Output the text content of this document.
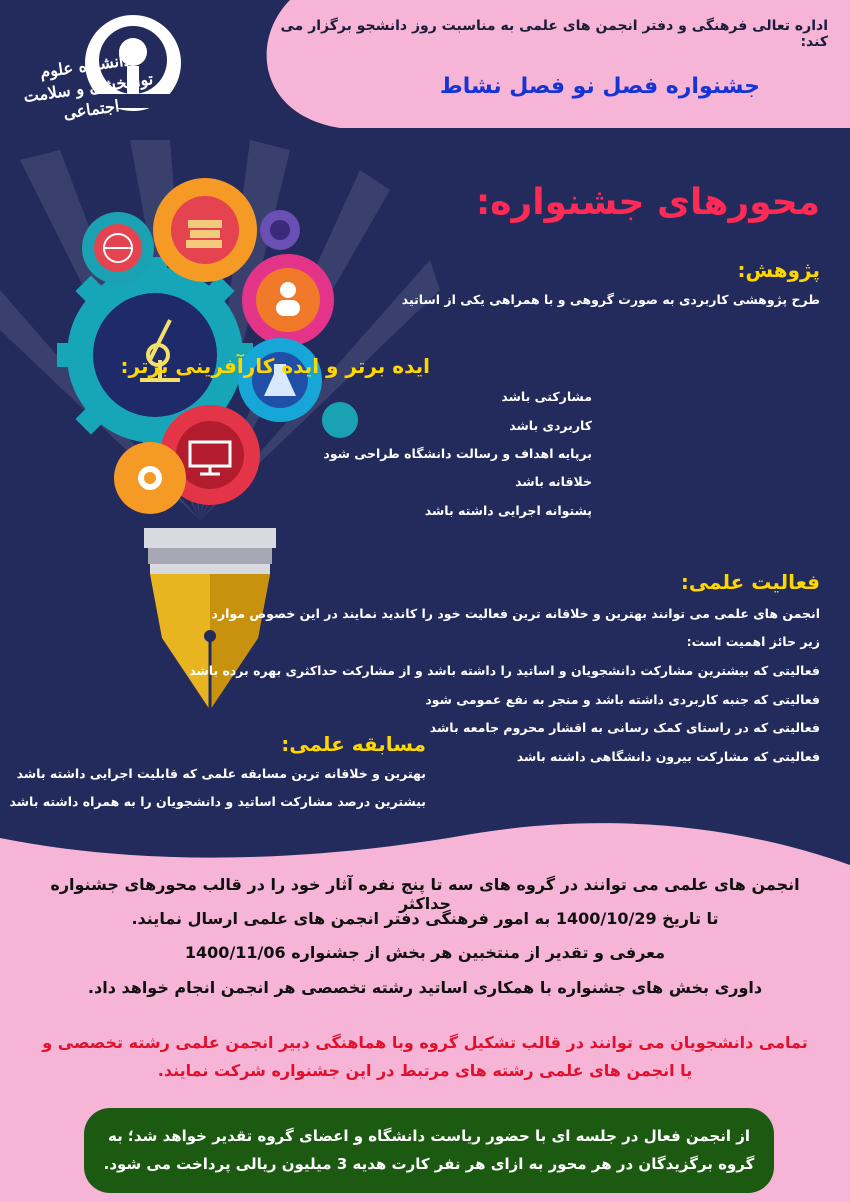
دانشگاه علوم توانبخشی و سلامت اجتماعی
اداره تعالی فرهنگی و دفتر انجمن های علمی به مناسبت روز دانشجو برگزار می کند:
جشنواره فصل نو فصل نشاط
محورهای جشنواره:
پژوهش:
طرح پژوهشی کاربردی به صورت گروهی و با همراهی یکی از اساتید
ایده برتر و ایده کارآفرینی برتر:
مشارکتی باشد
کاربردی باشد
برپایه اهداف و رسالت دانشگاه طراحی شود
خلاقانه باشد
پشتوانه اجرایی داشته باشد
فعالیت علمی:
انجمن های علمی می توانند بهترین و خلاقانه ترین فعالیت خود را کاندید نمایند در این خصوص موارد
زیر حائز اهمیت است:
فعالیتی که بیشترین مشارکت دانشجویان و اساتید را داشته باشد و از مشارکت حداکثری بهره برده باشد
فعالیتی که جنبه کاربردی داشته باشد و منجر به نفع عمومی شود
فعالیتی که در راستای کمک رسانی به اقشار محروم جامعه باشد
فعالیتی که مشارکت بیرون دانشگاهی داشته باشد
مسابقه علمی:
بهترین و خلاقانه ترین مسابقه علمی که قابلیت اجرایی داشته باشد
بیشترین درصد مشارکت اساتید و دانشجویان را به همراه داشته باشد
انجمن های علمی می توانند در گروه های سه تا پنج نفره آثار خود را در قالب محورهای جشنواره حداکثر
تا تاریخ 1400/10/29 به امور فرهنگی دفتر انجمن های علمی ارسال نمایند.
معرفی و تقدیر از منتخبین هر بخش از جشنواره 1400/11/06
داوری بخش های جشنواره با همکاری اساتید رشته تخصصی هر انجمن انجام خواهد داد.
تمامی دانشجویان می توانند در قالب تشکیل گروه وبا هماهنگی دبیر انجمن علمی رشته تخصصی و
یا انجمن های علمی رشته های مرتبط در این جشنواره شرکت نمایند.
از انجمن فعال در جلسه ای با حضور ریاست دانشگاه و اعضای گروه تقدیر خواهد شد؛ به
گروه برگزیدگان در هر محور به ازای هر نفر کارت هدیه 3 میلیون ریالی پرداخت می شود.
